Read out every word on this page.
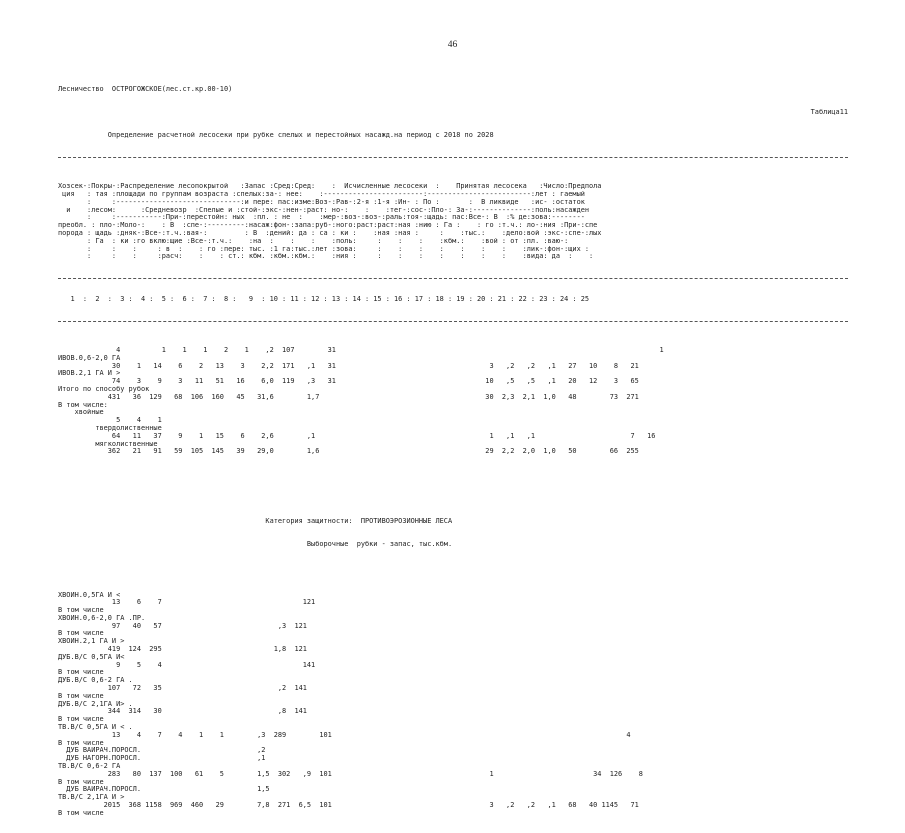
46

Лесничество  ОСТРОГОЖСКОЕ(лес.ст.кр.00-10)

Таблица11

Определение расчетной лесосеки при рубке спелых и перестойных насажд.на период с 2018 по 2028

Хозсек-:Покры-:Распределение лесопокрытой   :Запас :Сред:Сред:    :  Исчисленные лесосеки  :    Принятая лесосека   :Число:Предпола
ция   : тая :площади по группам возраста :спелых:за-: нее:    :------------------------:-------------------------:лет : гаемый
:     :------------------------------:и пере: пас:изме:Воз-:Рав-:2-я :1-я :Ин- : По :       :  В ликвиде   :ис- :остаток
и    :лесом:      :Средневозр  :Спелые и :стой-:экс-:нен-:раст: но-:    :    :тег-:сос-:Пло-: За-:--------------:поль:насажден
:     :-----------:При-:перестойн: ных  :пл. : не  :    :мер-:воз-:воз-:раль:тоя-:щадь: пас:Все-: В  :% де:зова:--------
преобл. : пло-:Моло-:    : В  :спе-:---------:насаж:фон-:запа:руб-:ного:раст:раст:ная :нию : Га :    : го :т.ч.: ло-:ния :При-:спе
порода : щадь :дняк-:Все-:т.ч.:вая-:         : В  :дений: да : са : ки :    :ная :ная :     :    :тыс.:    :дело:вой :экс-:спе-:лых
: Га  : ки :го вклю:щие :Все-:т.ч.:    :на  :    :    :    :поль:     :    :    :    :кбм.:    :вой : от :пл. :ваю-:
:     :    :     : в  :    : го :пере: тыс. :1 га:тыс.:лет :зова:     :    :    :    :    :    :    :    :лик-:фон-:щих :
:     :    :     :расч:    :    : ст.: кбм. :кбм.:кбм.:    :ния :     :    :    :    :    :    :    :    :вида: да  :    :

1  :  2  :  3 :  4 :  5 :  6 :  7 :  8 :   9  : 10 : 11 : 12 : 13 : 14 : 15 : 16 : 17 : 18 : 19 : 20 : 21 : 22 : 23 : 24 : 25

4          1    1    1    2    1    ,2  107        31                                                                              1
ИВОВ.0,6-2,0 ГА
30    1   14    6    2   13    3    2,2  171   ,1   31                                     3   ,2   ,2   ,1   27   10    8   21
ИВОВ.2,1 ГА И >
74    3    9    3   11   51   16    6,0  119   ,3   31                                    10   ,5   ,5   ,1   20   12    3   65
Итого по способу рубок
431   36  129   68  106  160   45   31,6        1,7                                        30  2,3  2,1  1,0   48        73  271
В том числе:
хвойные
5    4    1
твердолиственные
64   11   37    9    1   15    6    2,6        ,1                                          1   ,1   ,1                       7   16
мягколиственные
362   21   91   59  105  145   39   29,0        1,6                                        29  2,2  2,0  1,0   50        66  255

Категория защитности:  ПРОТИВОЭРОЗИОННЫЕ ЛЕСА

Выборочные  рубки - запас, тыс.кбм.

ХВОЙН.0,5ГА И <
13    6    7                                  121
В том числе
ХВОЙН.0,6-2,0 ГА .ПР.
97   40   57                            ,3  121
В том числе
ХВОЙН.2,1 ГА И >
419  124  295                           1,8  121
ДУБ.В/С 0,5ГА И<
9    5    4                                  141
В том числе
ДУБ.В/С 0,6-2 ГА .
107   72   35                            ,2  141
В том числе
ДУБ.В/С 2,1ГА И> .
344  314   30                            ,8  141
В том числе
ТВ.В/С 0,5ГА И < .
13    4    7    4    1    1        ,3  289        101                                                                       4
В том числе
ДУБ ВАЙРАЧ.ПОРОСЛ.                            ,2
ДУБ НАГОРН.ПОРОСЛ.                            ,1
ТВ.В/С 0,6-2 ГА
283   80  137  100   61    5        1,5  302   ,9  101                                      1                        34  126    8
В том числе
ДУБ ВАЙРАЧ.ПОРОСЛ.                            1,5
ТВ.В/С 2,1ГА И >
2015  368 1158  969  460   29        7,8  271  6,5  101                                      3   ,2   ,2   ,1   68   40 1145   71
В том числе
